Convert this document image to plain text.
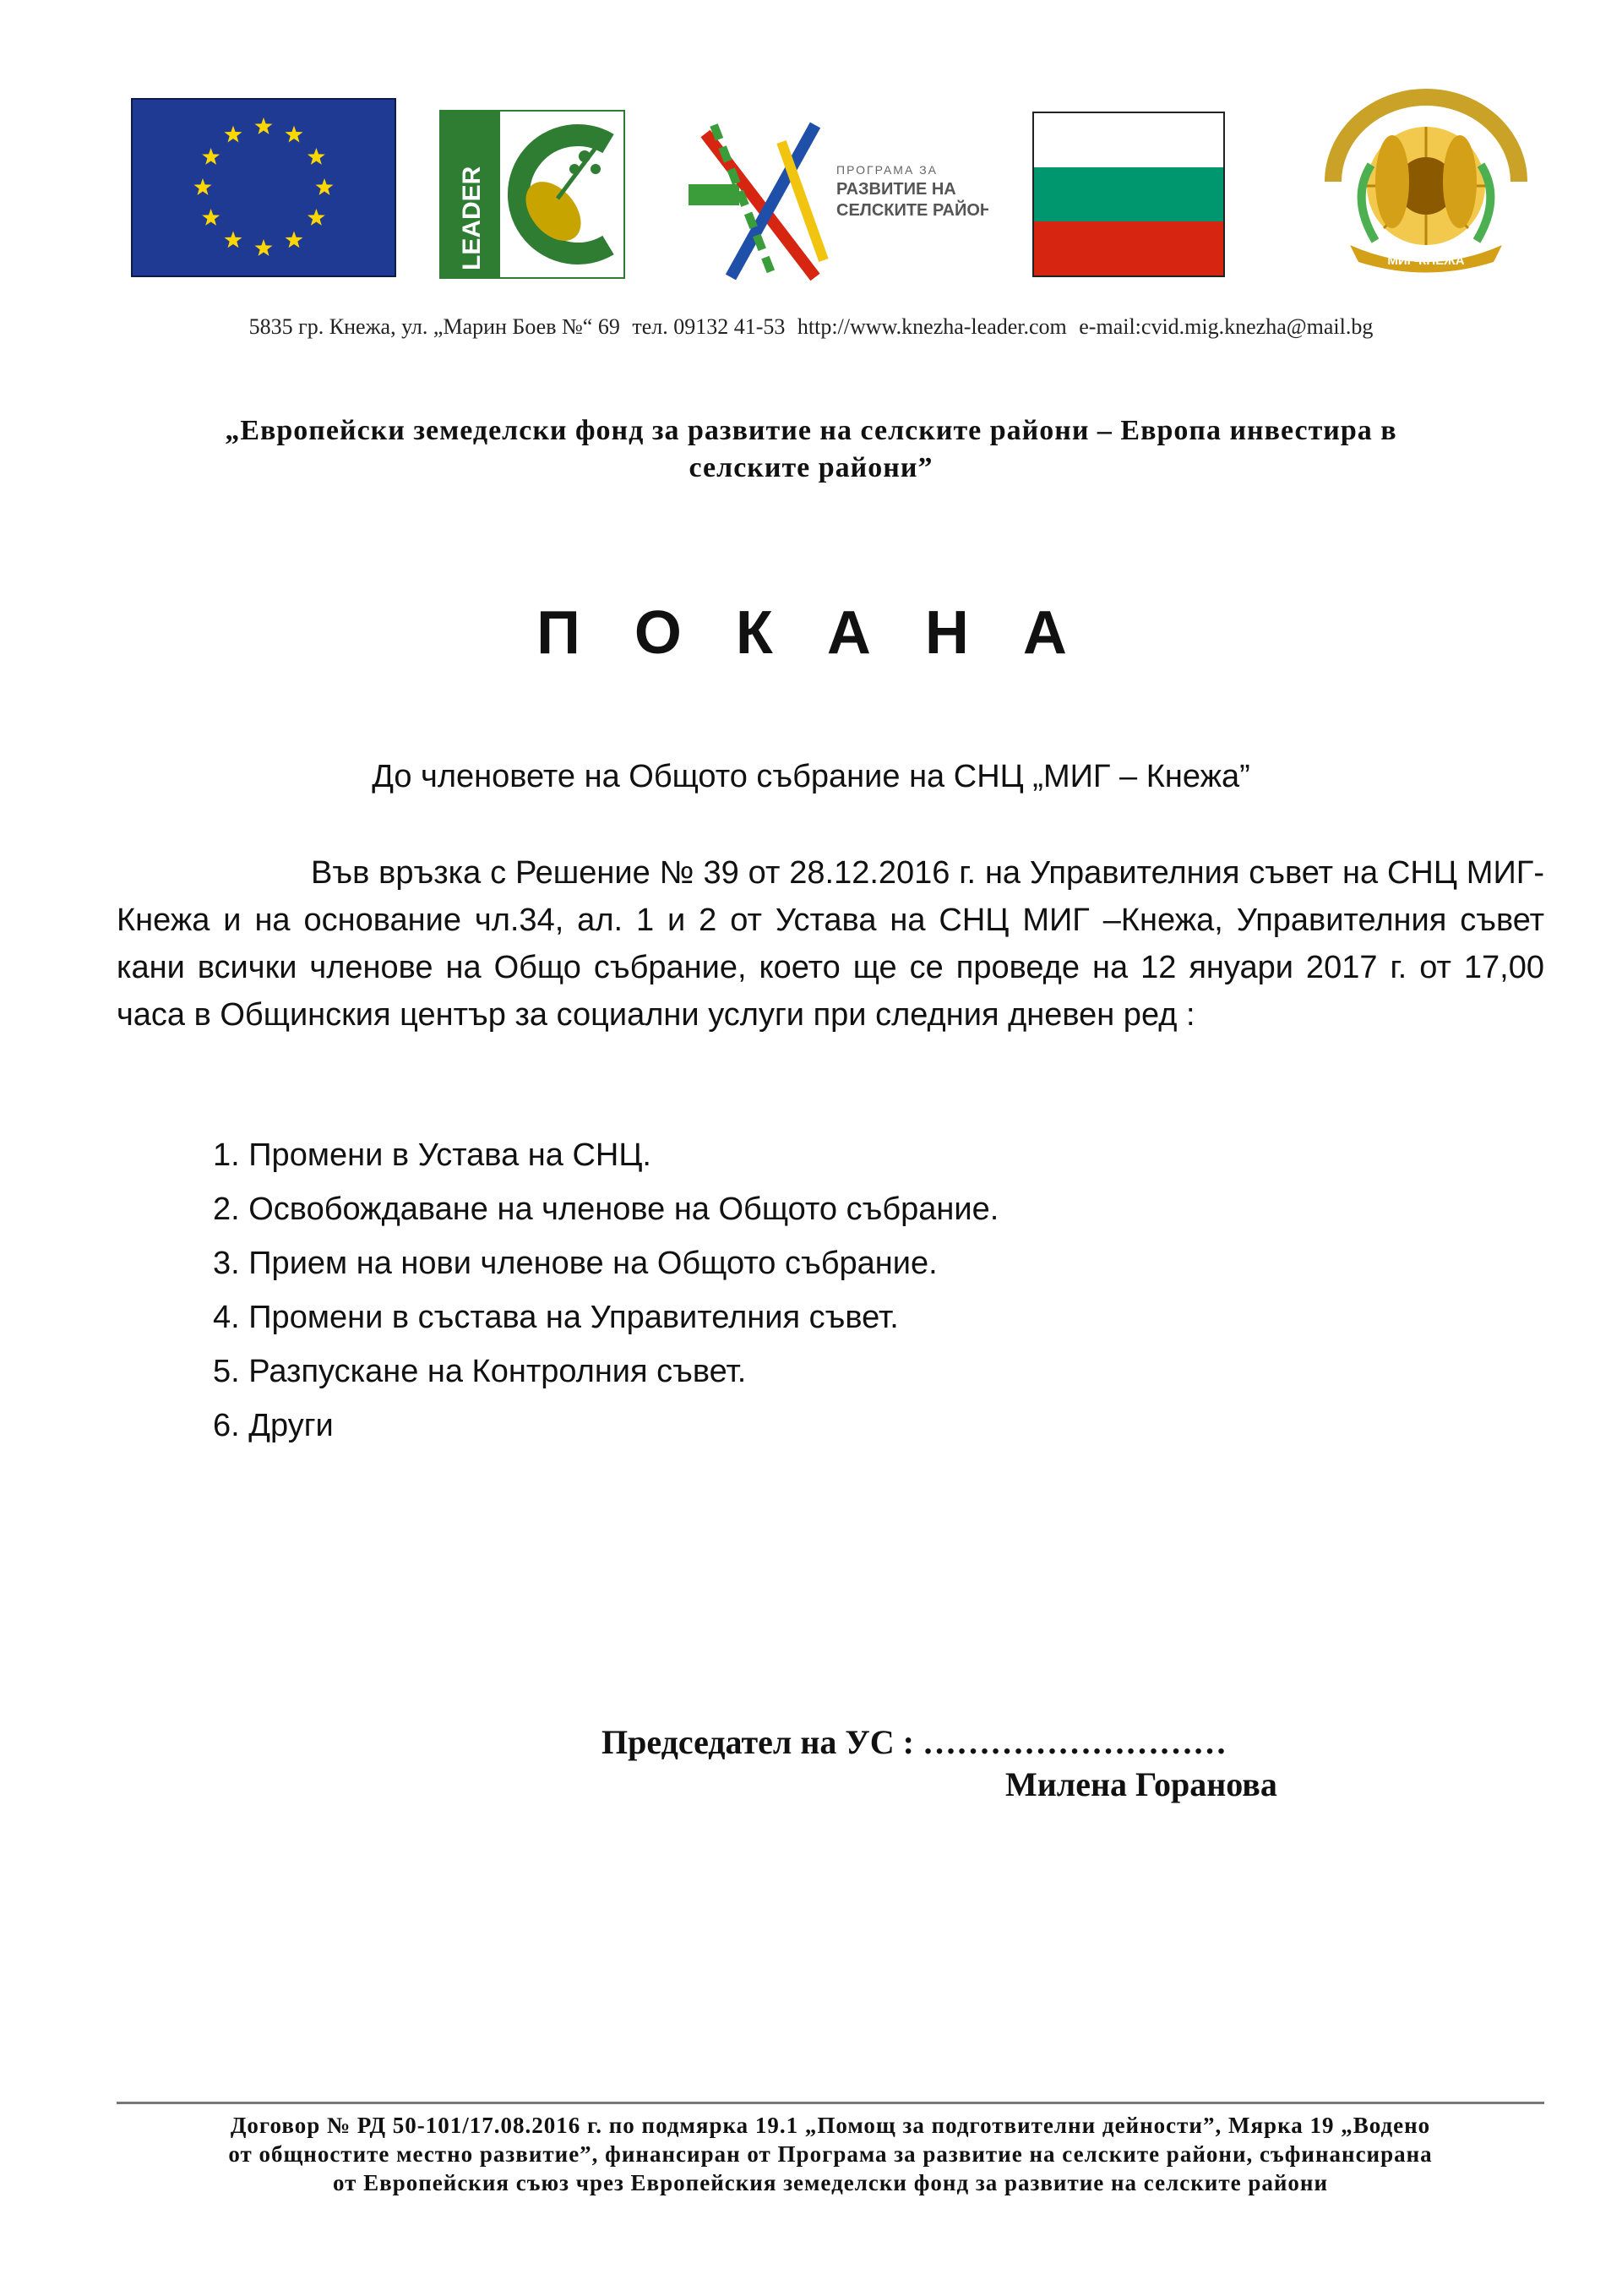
LEADER	ПРОГРАМА ЗА
РАЗВИТИЕ НА
СЕЛСКИТЕ РАЙОНИ
МИГ-КНЕЖА
5835 гр. Кнежа, ул. „Марин Боев №“ 69 тел. 09132 41-53 http://www.knezha-leader.com e-mail:cvid.mig.knezha@mail.bg
„Европейски земеделски фонд за развитие на селските райони – Европа инвестира в
селските райони”
П О К А Н А
До членовете на Общото събрание на СНЦ „МИГ – Кнежа”
Във връзка с Решение № 39 от 28.12.2016 г. на Управителния съвет на СНЦ МИГ-Кнежа и на основание чл.34, ал. 1 и 2 от Устава на СНЦ МИГ –Кнежа, Управителния съвет кани всички членове на Общо събрание, което ще се проведе на 12 януари 2017 г. от 17,00 часа в Общинския център за социални услуги при следния дневен ред :
1. Промени в Устава на СНЦ.
2. Освобождаване на членове на Общото събрание.
3. Прием на нови членове на Общото събрание.
4. Промени в състава на Управителния съвет.
5. Разпускане на Контролния съвет.
6. Други
Председател на УС : ………………………
Милена Горанова
Договор № РД 50-101/17.08.2016 г. по подмярка 19.1 „Помощ за подготвителни дейности”, Мярка 19 „Водено
от общностите местно развитие”, финансиран от Програма за развитие на селските райони, съфинансирана
от Европейския съюз чрез Европейския земеделски фонд за развитие на селските райони
